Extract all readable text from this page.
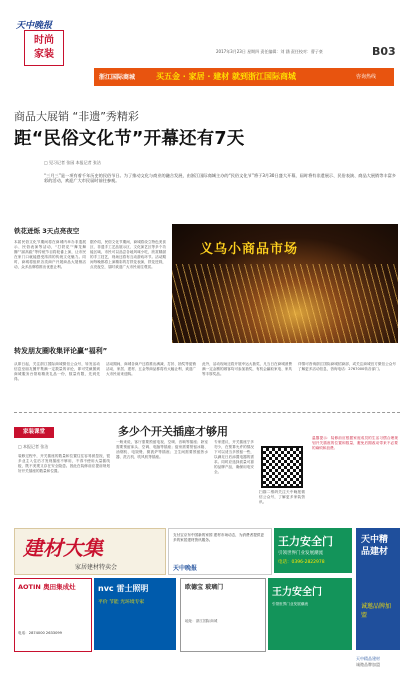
天中晚报
时尚
家装	2017年3月23日 星期四 责任编辑：刘 涵 责任校对：曹子豪	B03
浙江国际商城	买五金 · 家居 · 建材 就到浙江国际商城	咨询热线
商品大展销 “非遗”秀精彩
距“民俗文化节”开幕还有7天
□ 见习记者 张园 本报记者 张洁
“三月三”是一项有着千年历史的民俗节日。为了推动文化与商业的融合发展，由浙江国际商城主办的“民俗文化节”将于3月30日盛大开幕，届时将有非遗展示、民俗表演、商品大展销等丰富多彩的活动，欢迎广大市民届时前往参观。
铁花迸烁 3天点亮夜空
义乌小商品市场
本届民俗文化节期间将在商城内举办非遗展示、民俗表演等活动，“打铁花”“舞龙舞狮”“踩高跷”等传统节目将轮番上演，让市民在家门口就能感受浓浓的传统文化魅力。同时，商城将组织各类商户开展商品大展销活动，众多品牌将推出优惠让利。
据介绍，民俗文化节期间，商城将设立特色美食区、非遗手工艺品展示区、文化演艺区等多个功能区域，市民可以品尝各地风味小吃，欣赏精湛的手工技艺，现场还将有互动游戏环节。活动期间每晚都将上演精彩的打铁花表演，铁花迸烁，点亮夜空，届时欢迎广大市民前往观赏。
转发朋友圈收集评论赢“福利”
从即日起，关注浙江国际商城微信公众号，转发活动信息至朋友圈并集满一定数量的评论，即可凭截图到商城服务台领取精美礼品一份，数量有限，先到先得。
活动期间，商城各商户还将推出满减、打折、抽奖等促销活动，家居、建材、五金等商品都将有大幅让利，欢迎广大市民前来选购。
此外，活动现场还将开展幸运大抽奖，凡当日在商城消费满一定金额的顾客均可参加抽奖，有机会赢取家电、家具等丰厚奖品。
详情可咨询浙江国际商城招商部，或关注商城官方微信公众号了解更多活动信息，咨询电话：2767000转各部门。
家装课堂	多少个开关插座才够用
□ 本报记者 张洁
装修过程中，开关插座的数量和位置往往容易被忽视，很多业主入住后才发现插座不够用，不得不使用大量插线板，既不美观又存在安全隐患。因此在装修前应提前规划好开关插座的数量和位置。
一般来说，客厅需要预留电视、空调、音响等插座；卧室需要预留床头、空调、电脑等插座；厨房需要预留冰箱、油烟机、电饭煲、微波炉等插座；卫生间需要预留热水器、洗衣机、吹风机等插座。
专家建议，开关插座宁多勿少，在预算允许的情况下可以适当多预留一些，以满足日后添置电器的需求。同时应选择质量可靠的品牌产品，确保用电安全。
扫描二维码关注天中晚报微信公众号，了解更多家装资讯。
温馨提示：装修前应根据家庭成员的生活习惯合理规划开关插座的位置和数量，避免后期改动带来不必要的麻烦和浪费。
建材大集
家居建材特卖会
支付宝京东中国新的家园 建材市场动态，为消费者提供更多的家居建材资讯服务。
天中晚报
王力安全门
引领世界门业发展潮流
电话：0396-2822978
天中精品建材
诚邀品牌加盟
AOTIN 奥田集成灶
电话：2874000 2633099
nvc 雷士照明
平价 节能 光环境专家
欧德宝 玻璃门
地址：浙江国际商城
王力安全门
引领世界门业发展潮流
天中精品建材
诚邀品牌加盟
